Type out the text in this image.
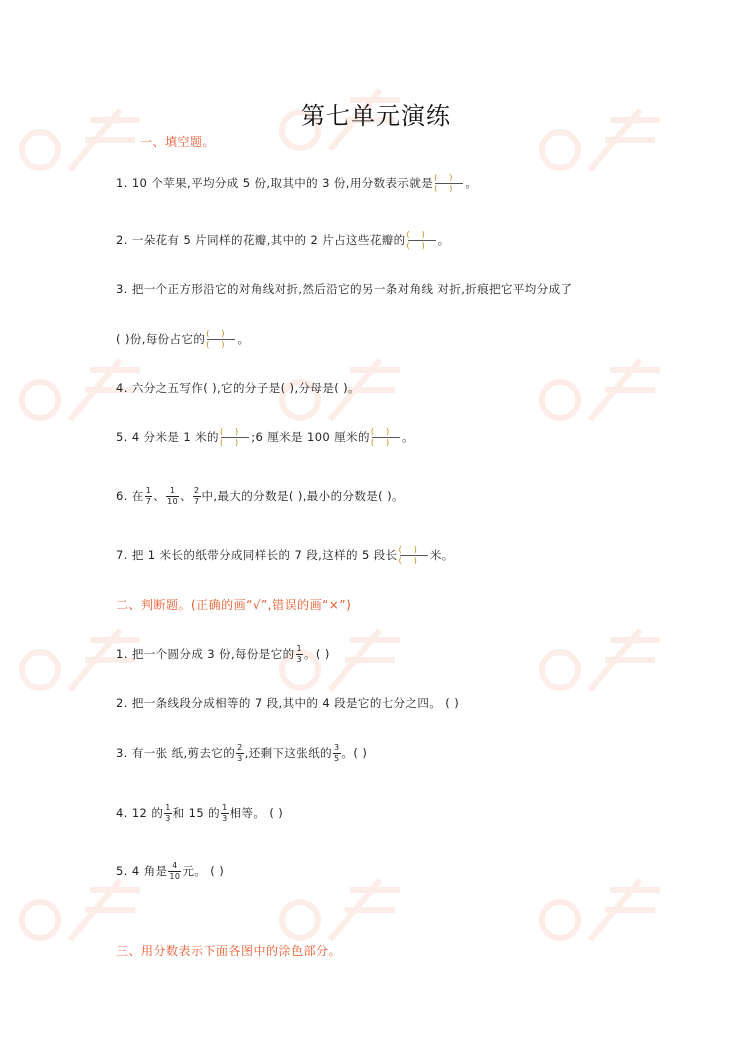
第七单元演练
一、填空题。
1. 10 个苹果,平均分成 5 份,取其中的 3 份,用分数表示就是 ()
() 。
2. 一朵花有 5 片同样的花瓣,其中的 2 片占这些花瓣的 ()
() 。
3. 把一个正方形沿它的对角线对折,然后沿它的另一条对角线 对折,折痕把它平均分成了
( )份,每份占它的 ()
() 。
4. 六分之五写作( ),它的分子是( ),分母是( )。
5. 4 分米是 1 米的 ()
() ;6 厘米是 100 厘米的 ()
() 。
6. 在 $\frac{1}{7}$ 、 $\frac{1}{10}$ 、 $\frac{2}{7}$ 中,最大的分数是( ),最小的分数是( )。
7. 把 1 米长的纸带分成同样长的 7 段,这样的 5 段长 ()
() 米。
二、判断题。(正确的画“√”,错误的画“×”)
1. 把一个圆分成 3 份,每份是它的 $\frac{1}{3}$ 。( )
2. 把一条线段分成相等的 7 段,其中的 4 段是它的七分之四。 ( )
3. 有一张 纸,剪去它的 $\frac{2}{3}$ ,还剩下这张纸的 $\frac{3}{5}$ 。( )
4. 12 的 $\frac{1}{3}$ 和 15 的 $\frac{1}{3}$ 相等。 ( )
5. 4 角是 $\frac{4}{10}$ 元。 ( )
三、用分数表示下面各图中的涂色部分。
